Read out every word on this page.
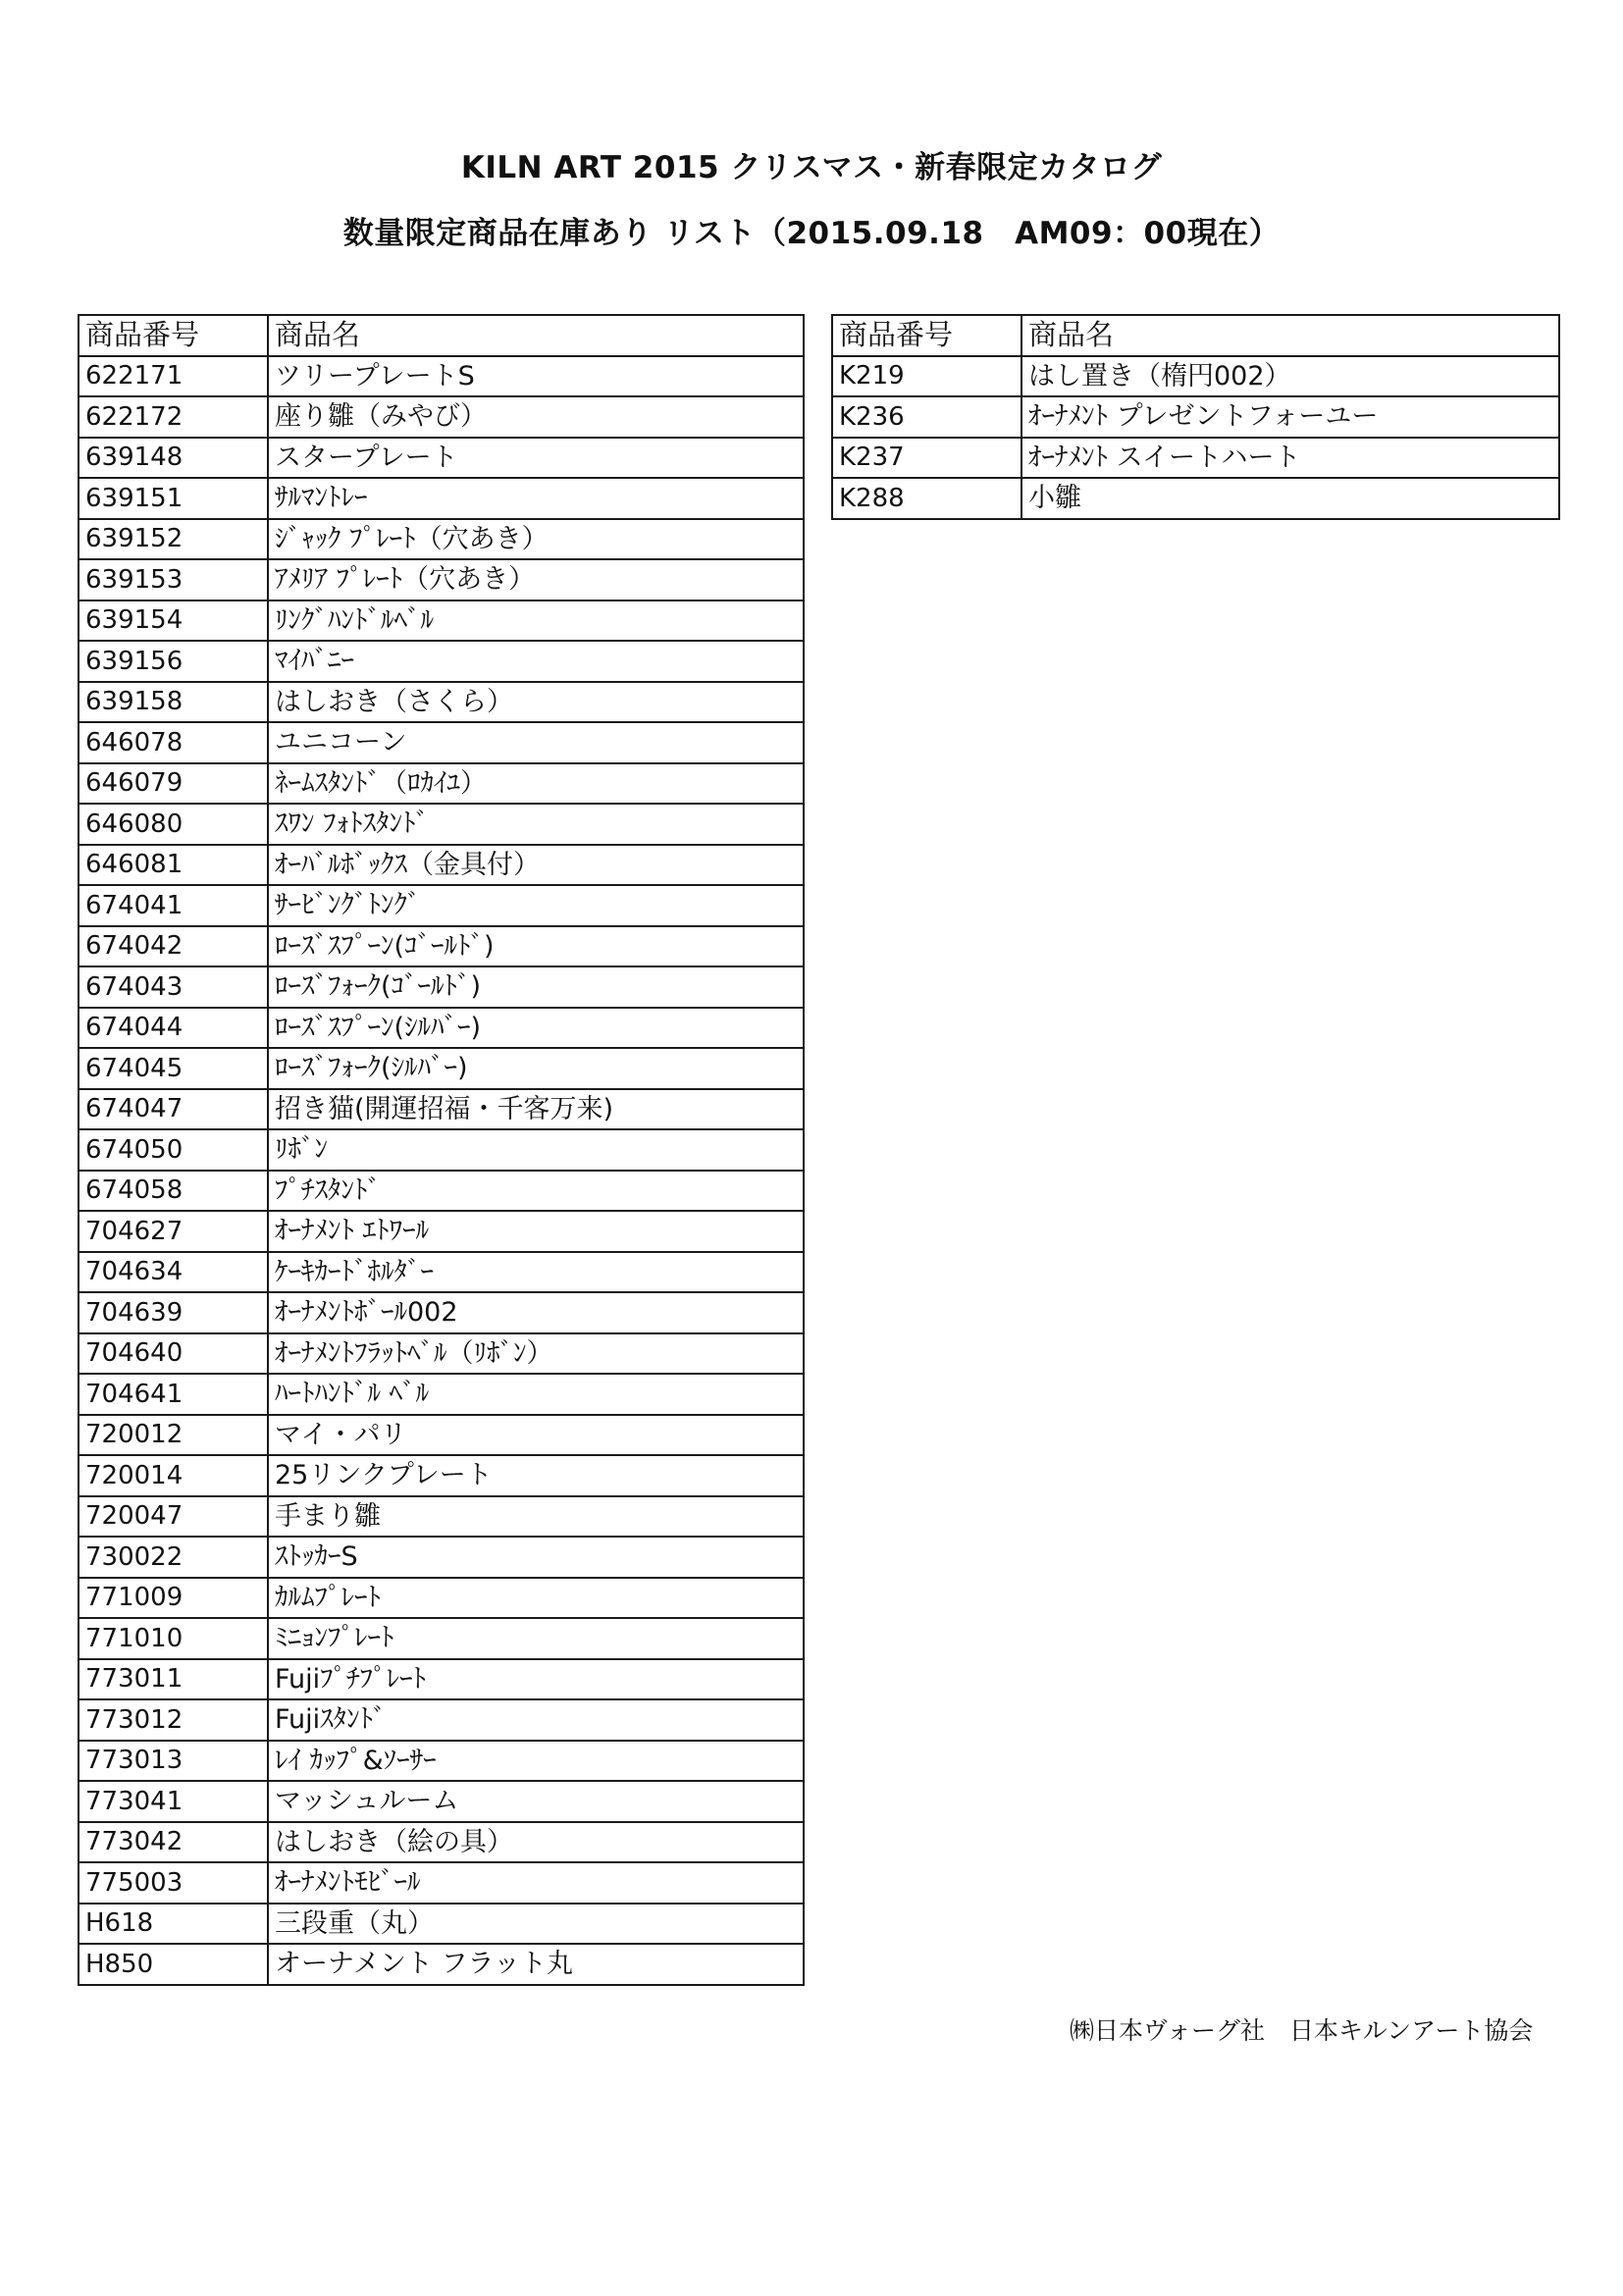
KILN ART 2015 クリスマス・新春限定カタログ
数量限定商品在庫あり リスト（2015.09.18　AM09：00現在）
商品番号	商品名
622171	ツリープレートS
622172	座り雛（みやび）
639148	スタープレート
639151	ｻﾙﾏﾝﾄﾚｰ
639152	ｼﾞｬｯｸ ﾌﾟﾚｰﾄ（穴あき）
639153	ｱﾒﾘｱ ﾌﾟﾚｰﾄ（穴あき）
639154	ﾘﾝｸﾞﾊﾝﾄﾞﾙﾍﾞﾙ
639156	ﾏｲﾊﾞﾆｰ
639158	はしおき（さくら）
646078	ユニコーン
646079	ﾈｰﾑｽﾀﾝﾄﾞ（ﾛｶｲﾕ）
646080	ｽﾜﾝ ﾌｫﾄｽﾀﾝﾄﾞ
646081	ｵｰﾊﾞﾙﾎﾞｯｸｽ（金具付）
674041	ｻｰﾋﾞﾝｸﾞﾄﾝｸﾞ
674042	ﾛｰｽﾞｽﾌﾟｰﾝ(ｺﾞｰﾙﾄﾞ)
674043	ﾛｰｽﾞﾌｫｰｸ(ｺﾞｰﾙﾄﾞ)
674044	ﾛｰｽﾞｽﾌﾟｰﾝ(ｼﾙﾊﾞｰ)
674045	ﾛｰｽﾞﾌｫｰｸ(ｼﾙﾊﾞｰ)
674047	招き猫(開運招福・千客万来)
674050	ﾘﾎﾞﾝ
674058	ﾌﾟﾁｽﾀﾝﾄﾞ
704627	ｵｰﾅﾒﾝﾄ ｴﾄﾜｰﾙ
704634	ｹｰｷｶｰﾄﾞﾎﾙﾀﾞｰ
704639	ｵｰﾅﾒﾝﾄﾎﾞｰﾙ002
704640	ｵｰﾅﾒﾝﾄﾌﾗｯﾄﾍﾞﾙ（ﾘﾎﾞﾝ）
704641	ﾊｰﾄﾊﾝﾄﾞﾙ ﾍﾞﾙ
720012	マイ・パリ
720014	25リンクプレート
720047	手まり雛
730022	ｽﾄｯｶｰS
771009	ｶﾙﾑﾌﾟﾚｰﾄ
771010	ﾐﾆｮﾝﾌﾟﾚｰﾄ
773011	Fujiﾌﾟﾁﾌﾟﾚｰﾄ
773012	Fujiｽﾀﾝﾄﾞ
773013	ﾚｲ ｶｯﾌﾟ&ｿｰｻｰ
773041	マッシュルーム
773042	はしおき（絵の具）
775003	ｵｰﾅﾒﾝﾄﾓﾋﾞｰﾙ
H618	三段重（丸）
H850	オーナメント フラット丸
商品番号	商品名
K219	はし置き（楕円002）
K236	ｵｰﾅﾒﾝﾄ プレゼントフォーユー
K237	ｵｰﾅﾒﾝﾄ スイートハート
K288	小雛
㈱日本ヴォーグ社　日本キルンアート協会
